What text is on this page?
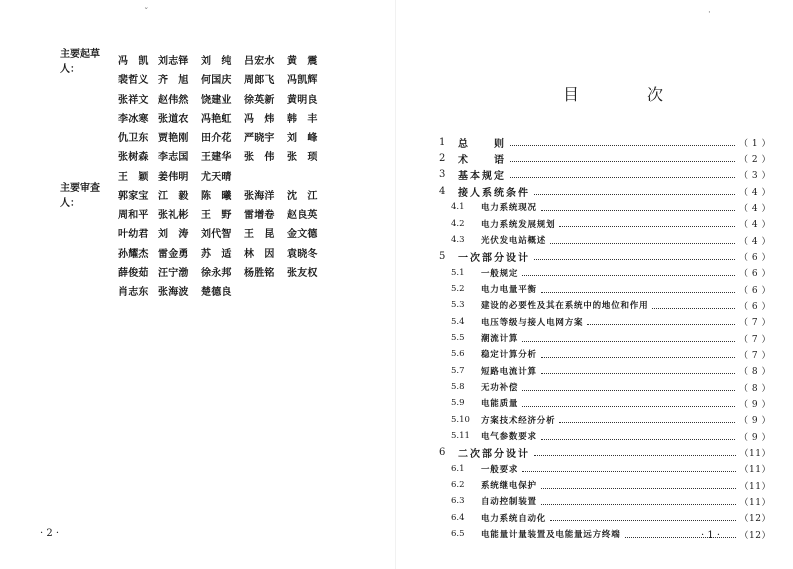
ˇ
主要起草人：
冯　凯 刘志铎	刘　纯	吕宏水	黄　震
裴哲义 齐　旭	何国庆	周郎飞	冯凯辉
张祥文 赵伟然	饶建业	徐英新	黄明良
李冰寒 张道农	冯艳虹	冯　炜	韩　丰
仇卫东 贾艳刚	田介花	严晓宇	刘　峰
张树森 李志国	王建华	张　伟	张　顼
王　颖 姜伟明	尤天晴
主要审查人：
郭家宝 江　毅	陈　曦	张海洋	沈　江
周和平 张礼彬	王　野	雷增卷	赵良英
叶幼君 刘　涛	刘代智	王　昆	金文德
孙耀杰 雷金勇	苏　适	林　因	袁晓冬
薛俊茹 汪宁渤	徐永邦	杨胜铭	张友权
肖志东 张海波	楚德良
· 2 ·
·
目　次
1	总　　则	（ 1 ）
2	术　　语	（ 2 ）
3	基本规定	（ 3 ）
4	接人系统条件	（ 4 ）
4.1	电力系统现况	（ 4 ）
4.2	电力系统发展规划	（ 4 ）
4.3	光伏发电站概述	（ 4 ）
5	一次部分设计	（ 6 ）
5.1	一般规定	（ 6 ）
5.2	电力电量平衡	（ 6 ）
5.3	建设的必要性及其在系统中的地位和作用	（ 6 ）
5.4	电压等级与接人电网方案	（ 7 ）
5.5	潮流计算	（ 7 ）
5.6	稳定计算分析	（ 7 ）
5.7	短路电流计算	（ 8 ）
5.8	无功补偿	（ 8 ）
5.9	电能质量	（ 9 ）
5.10	方案技术经济分析	（ 9 ）
5.11	电气参数要求	（ 9 ）
6	二次部分设计	（11）
6.1	一般要求	（11）
6.2	系统继电保护	（11）
6.3	自动控制装置	（11）
6.4	电力系统自动化	（12）
6.5	电能量计量装置及电能量远方终端	（12）
· 1 ·
